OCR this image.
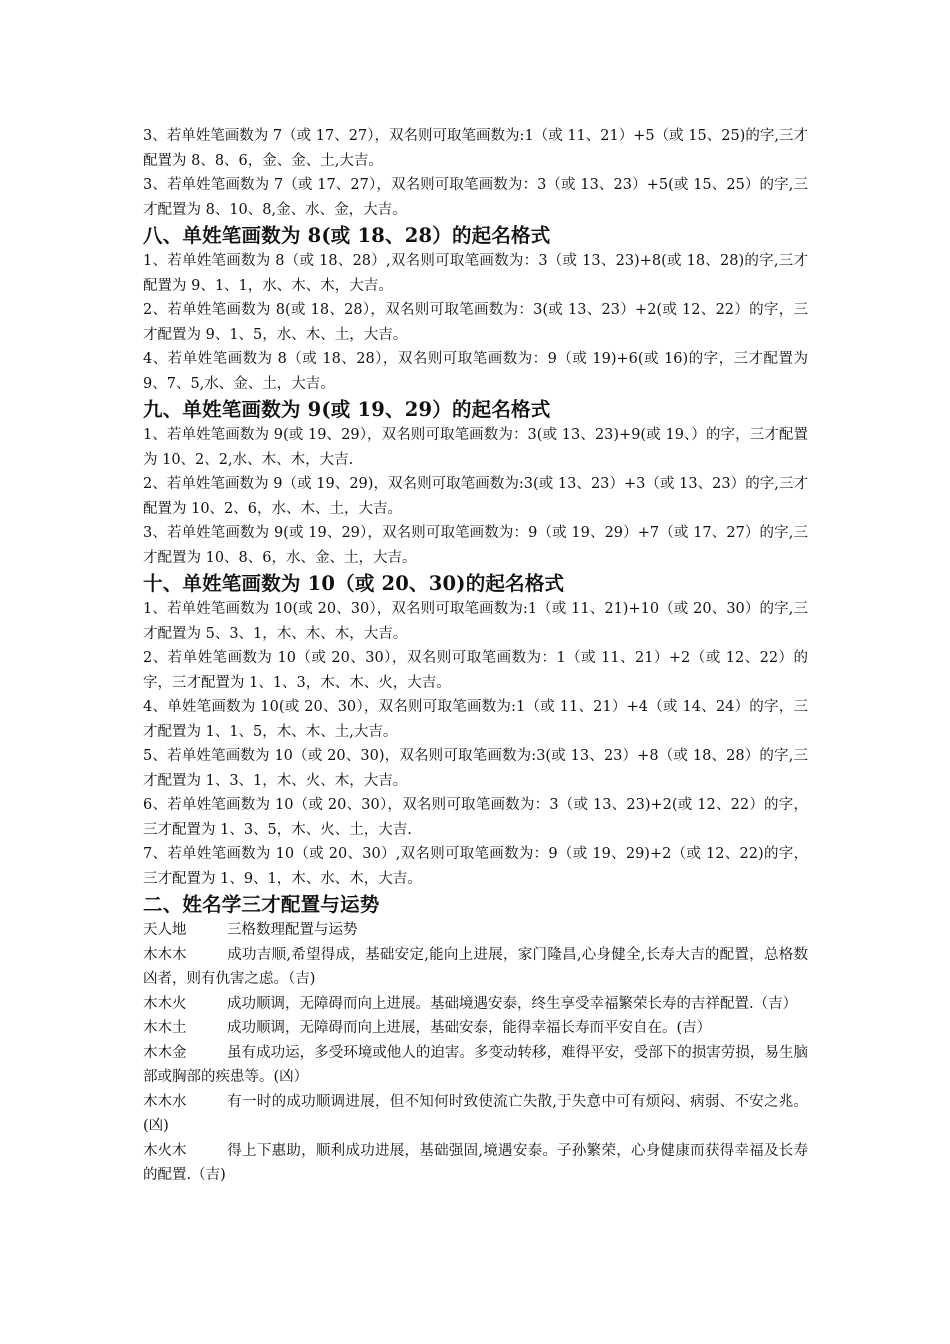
3、若单姓笔画数为 7（或 17、27），双名则可取笔画数为:1（或 11、21）+5（或 15、25)的字,三才配置为 8、8、6，金、金、土,大吉。

3、若单姓笔画数为 7（或 17、27），双名则可取笔画数为：3（或 13、23）+5(或 15、25）的字,三才配置为 8、10、8,金、水、金，大吉。

八、单姓笔画数为 8(或 18、28）的起名格式

1、若单姓笔画数为 8（或 18、28）,双名则可取笔画数为：3（或 13、23)+8(或 18、28)的字,三才配置为 9、1、1，水、木、木，大吉。

2、若单姓笔画数为 8(或 18、28），双名则可取笔画数为：3(或 13、23）+2(或 12、22）的字，三才配置为 9、1、5，水、木、土，大吉。

4、若单姓笔画数为 8（或 18、28），双名则可取笔画数为：9（或 19)+6(或 16)的字，三才配置为 9、7、5,水、金、土，大吉。

九、单姓笔画数为 9(或 19、29）的起名格式

1、若单姓笔画数为 9(或 19、29），双名则可取笔画数为：3(或 13、23)+9(或 19、）的字，三才配置为 10、2、2,水、木、木，大吉.

2、若单姓笔画数为 9（或 19、29)，双名则可取笔画数为:3(或 13、23）+3（或 13、23）的字,三才配置为 10、2、6，水、木、土，大吉。

3、若单姓笔画数为 9(或 19、29），双名则可取笔画数为：9（或 19、29）+7（或 17、27）的字,三才配置为 10、8、6，水、金、土，大吉。

十、单姓笔画数为 10（或 20、30)的起名格式

1、若单姓笔画数为 10(或 20、30），双名则可取笔画数为:1（或 11、21)+10（或 20、30）的字,三才配置为 5、3、1，木、木、木，大吉。

2、若单姓笔画数为 10（或 20、30），双名则可取笔画数为：1（或 11、21）+2（或 12、22）的字，三才配置为 1、1、3，木、木、火，大吉。

4、单姓笔画数为 10(或 20、30），双名则可取笔画数为:1（或 11、21）+4（或 14、24）的字，三才配置为 1、1、5，木、木、土,大吉。

5、若单姓笔画数为 10（或 20、30)，双名则可取笔画数为:3(或 13、23）+8（或 18、28）的字,三才配置为 1、3、1，木、火、木，大吉。

6、若单姓笔画数为 10（或 20、30），双名则可取笔画数为：3（或 13、23)+2(或 12、22）的字，三才配置为 1、3、5，木、火、土，大吉.

7、若单姓笔画数为 10（或 20、30）,双名则可取笔画数为：9（或 19、29)+2（或 12、22)的字，三才配置为 1、9、1，木、水、木，大吉。

二、姓名学三才配置与运势

天人地	三格数理配置与运势

木木木	成功吉顺,希望得成，基础安定,能向上进展，家门隆昌,心身健全,长寿大吉的配置，总格数凶者，则有仇害之虑。（吉)

木木火	成功顺调，无障碍而向上进展。基础境遇安泰，终生享受幸福繁荣长寿的吉祥配置.（吉）

木木土	成功顺调，无障碍而向上进展，基础安泰，能得幸福长寿而平安自在。(吉）

木木金	虽有成功运，多受环境或他人的迫害。多变动转移，难得平安，受部下的损害劳损，易生脑部或胸部的疾患等。(凶）

木木水	有一时的成功顺调进展，但不知何时致使流亡失散,于失意中可有烦闷、病弱、不安之兆。(凶)

木火木	得上下惠助，顺利成功进展，基础强固,境遇安泰。子孙繁荣，心身健康而获得幸福及长寿的配置.（吉)
